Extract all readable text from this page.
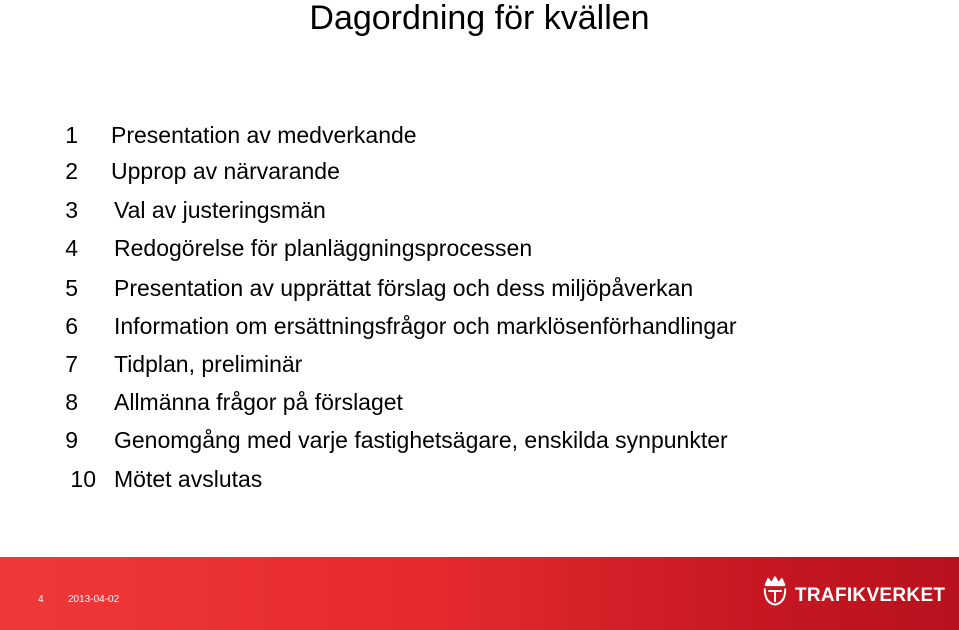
Dagordning för kvällen
1 Presentation av medverkande
2 Upprop av närvarande
3 Val av justeringsmän
4 Redogörelse för planläggningsprocessen
5 Presentation av upprättat förslag och dess miljöpåverkan
6 Information om ersättningsfrågor och marklösenförhandlingar
7 Tidplan, preliminär
8 Allmänna frågor på förslaget
9 Genomgång med varje fastighetsägare, enskilda synpunkter
10 Mötet avslutas
4 2013-04-02	TRAFIKVERKET
